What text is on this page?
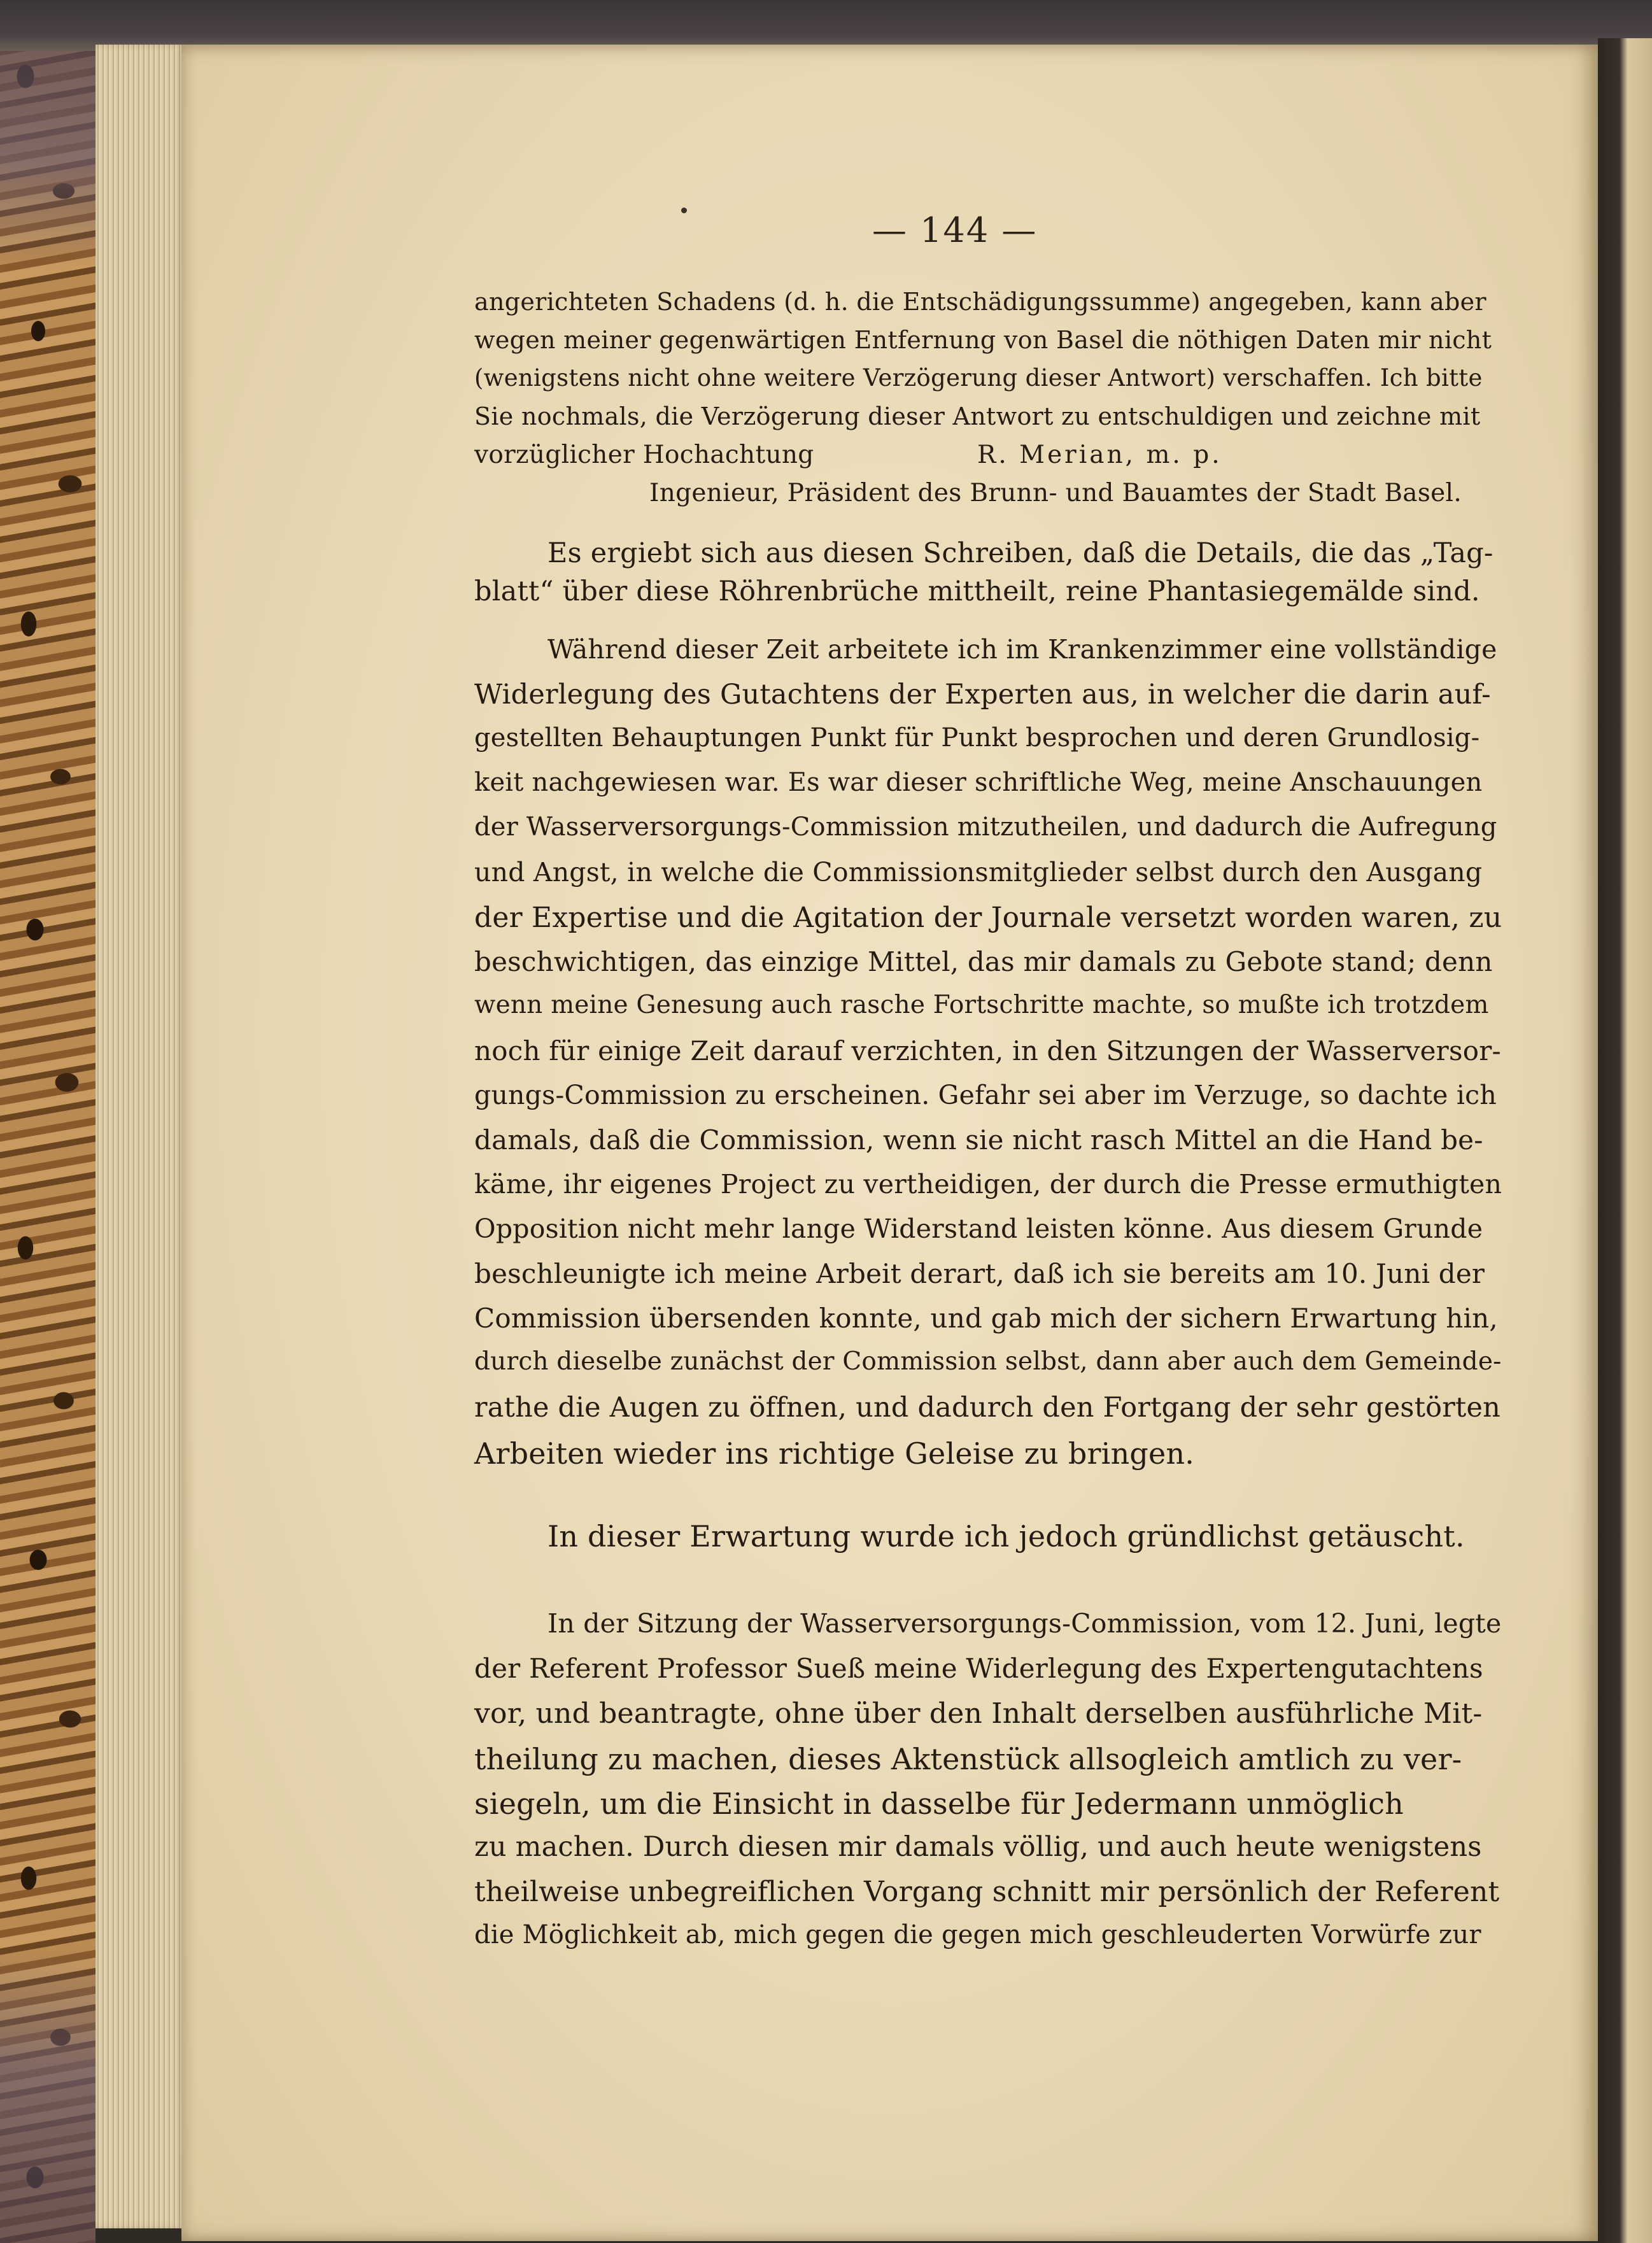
— 144 —
angerichteten Schadens (d. h. die Entschädigungssumme) angegeben, kann aber
wegen meiner gegenwärtigen Entfernung von Basel die nöthigen Daten mir nicht
(wenigstens nicht ohne weitere Verzögerung dieser Antwort) verschaffen. Ich bitte
Sie nochmals, die Verzögerung dieser Antwort zu entschuldigen und zeichne mit
vorzüglicher Hochachtung	R. Merian, m. p.
Ingenieur, Präsident des Brunn- und Bauamtes der Stadt Basel.
Es ergiebt sich aus diesen Schreiben, daß die Details, die das „Tag-
blatt“ über diese Röhrenbrüche mittheilt, reine Phantasiegemälde sind.
Während dieser Zeit arbeitete ich im Krankenzimmer eine vollständige
Widerlegung des Gutachtens der Experten aus, in welcher die darin auf-
gestellten Behauptungen Punkt für Punkt besprochen und deren Grundlosig-
keit nachgewiesen war. Es war dieser schriftliche Weg, meine Anschauungen
der Wasserversorgungs-Commission mitzutheilen, und dadurch die Aufregung
und Angst, in welche die Commissionsmitglieder selbst durch den Ausgang
der Expertise und die Agitation der Journale versetzt worden waren, zu
beschwichtigen, das einzige Mittel, das mir damals zu Gebote stand; denn
wenn meine Genesung auch rasche Fortschritte machte, so mußte ich trotzdem
noch für einige Zeit darauf verzichten, in den Sitzungen der Wasserversor-
gungs-Commission zu erscheinen. Gefahr sei aber im Verzuge, so dachte ich
damals, daß die Commission, wenn sie nicht rasch Mittel an die Hand be-
käme, ihr eigenes Project zu vertheidigen, der durch die Presse ermuthigten
Opposition nicht mehr lange Widerstand leisten könne. Aus diesem Grunde
beschleunigte ich meine Arbeit derart, daß ich sie bereits am 10. Juni der
Commission übersenden konnte, und gab mich der sichern Erwartung hin,
durch dieselbe zunächst der Commission selbst, dann aber auch dem Gemeinde-
rathe die Augen zu öffnen, und dadurch den Fortgang der sehr gestörten
Arbeiten wieder ins richtige Geleise zu bringen.
In dieser Erwartung wurde ich jedoch gründlichst getäuscht.
In der Sitzung der Wasserversorgungs-Commission, vom 12. Juni, legte
der Referent Professor Sueß meine Widerlegung des Expertengutachtens
vor, und beantragte, ohne über den Inhalt derselben ausführliche Mit-
theilung zu machen, dieses Aktenstück allsogleich amtlich zu ver-
siegeln, um die Einsicht in dasselbe für Jedermann unmöglich
zu machen. Durch diesen mir damals völlig, und auch heute wenigstens
theilweise unbegreiflichen Vorgang schnitt mir persönlich der Referent
die Möglichkeit ab, mich gegen die gegen mich geschleuderten Vorwürfe zur
